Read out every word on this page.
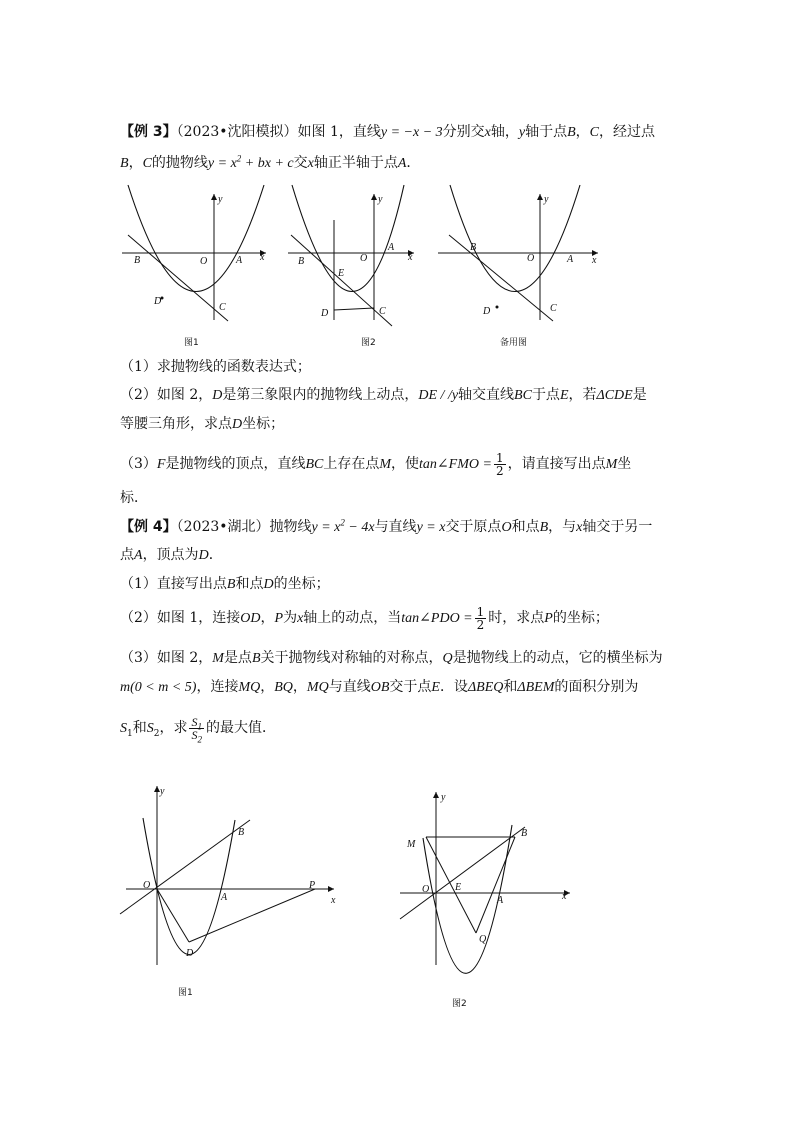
【例 3】（2023•沈阳模拟）如图 1，直线y = −x − 3分别交x轴，y轴于点B，C，经过点
B，C的抛物线$y = x^2$ + bx + c交x轴正半轴于点A．
y
x
O	A
B
D
C
图1
y
x
O
A
B
E
D	C
图2
y
x
O	A
B
D	C
备用图
（1）求抛物线的函数表达式；
（2）如图 2，D是第三象限内的抛物线上动点，DE / /y轴交直线BC于点E，若ΔCDE是
等腰三角形，求点D坐标；
（3）F是抛物线的顶点，直线BC上存在点M，使tan∠FMO = $\frac{1}{2}$ ，请直接写出点M坐
标．
【例 4】（2023•湖北）抛物线$y = x^2 - 4x$与直线y = x交于原点O和点B，与x轴交于另一
点A，顶点为D．
（1）直接写出点B和点D的坐标；
（2）如图 1，连接OD，P为x轴上的动点，当tan∠PDO = $\frac{1}{2}$ 时，求点P的坐标；
（3）如图 2，M是点B关于抛物线对称轴的对称点，Q是抛物线上的动点，它的横坐标为
m(0 < m < 5)，连接MQ，BQ，MQ与直线OB交于点E．设ΔBEQ和ΔBEM的面积分别为
$S_1$和$S_2$，求 $\frac{S_1}{S_2}$ 的最大值．
y
x
O
A
B
P
D
图1
y
x
O	E
A
B
M
Q
图2
